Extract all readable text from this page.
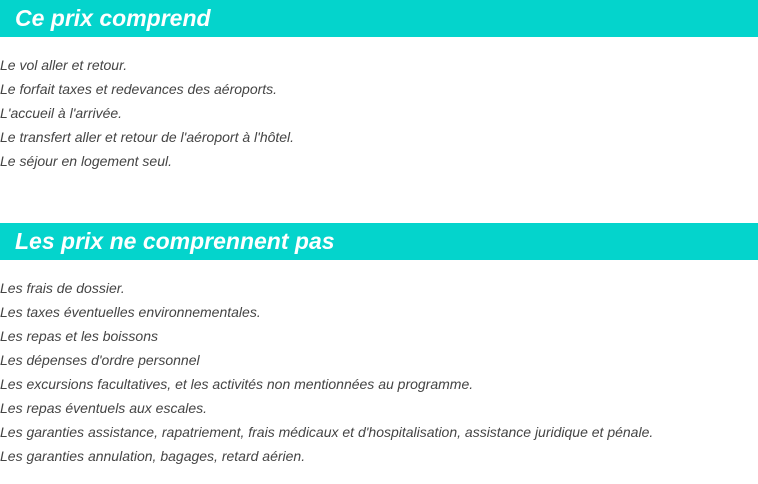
Ce prix comprend
Le vol aller et retour.
Le forfait taxes et redevances des aéroports.
L'accueil à l'arrivée.
Le transfert aller et retour de l'aéroport à l'hôtel.
Le séjour en logement seul.
Les prix ne comprennent pas
Les frais de dossier.
Les taxes éventuelles environnementales.
Les repas et les boissons
Les dépenses d'ordre personnel
Les excursions facultatives, et les activités non mentionnées au programme.
Les repas éventuels aux escales.
Les garanties assistance, rapatriement, frais médicaux et d'hospitalisation, assistance juridique et pénale.
Les garanties annulation, bagages, retard aérien.
